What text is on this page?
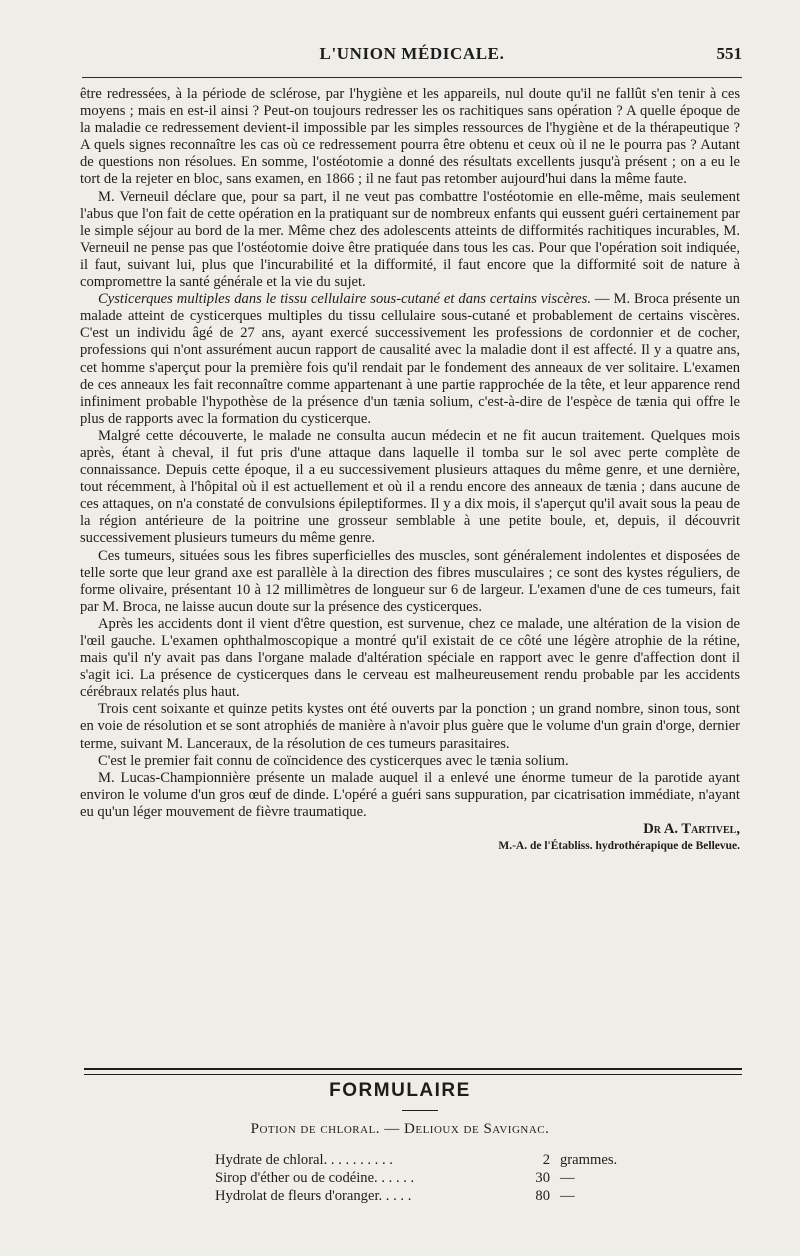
L'UNION MÉDICALE.	551

être redressées, à la période de sclérose, par l'hygiène et les appareils, nul doute qu'il ne fallût s'en tenir à ces moyens ; mais en est-il ainsi ? Peut-on toujours redresser les os rachitiques sans opération ? A quelle époque de la maladie ce redressement devient-il impossible par les simples ressources de l'hygiène et de la thérapeutique ? A quels signes reconnaître les cas où ce redressement pourra être obtenu et ceux où il ne le pourra pas ? Autant de questions non résolues. En somme, l'ostéotomie a donné des résultats excellents jusqu'à présent ; on a eu le tort de la rejeter en bloc, sans examen, en 1866 ; il ne faut pas retomber aujourd'hui dans la même faute.

M. Verneuil déclare que, pour sa part, il ne veut pas combattre l'ostéotomie en elle-même, mais seulement l'abus que l'on fait de cette opération en la pratiquant sur de nombreux enfants qui eussent guéri certainement par le simple séjour au bord de la mer. Même chez des adolescents atteints de difformités rachitiques incurables, M. Verneuil ne pense pas que l'ostéotomie doive être pratiquée dans tous les cas. Pour que l'opération soit indiquée, il faut, suivant lui, plus que l'incurabilité et la difformité, il faut encore que la difformité soit de nature à compromettre la santé générale et la vie du sujet.

Cysticerques multiples dans le tissu cellulaire sous-cutané et dans certains viscères. — M. Broca présente un malade atteint de cysticerques multiples du tissu cellulaire sous-cutané et probablement de certains viscères. C'est un individu âgé de 27 ans, ayant exercé successivement les professions de cordonnier et de cocher, professions qui n'ont assurément aucun rapport de causalité avec la maladie dont il est affecté. Il y a quatre ans, cet homme s'aperçut pour la première fois qu'il rendait par le fondement des anneaux de ver solitaire. L'examen de ces anneaux les fait reconnaître comme appartenant à une partie rapprochée de la tête, et leur apparence rend infiniment probable l'hypothèse de la présence d'un tænia solium, c'est-à-dire de l'espèce de tænia qui offre le plus de rapports avec la formation du cysticerque.

Malgré cette découverte, le malade ne consulta aucun médecin et ne fit aucun traitement. Quelques mois après, étant à cheval, il fut pris d'une attaque dans laquelle il tomba sur le sol avec perte complète de connaissance. Depuis cette époque, il a eu successivement plusieurs attaques du même genre, et une dernière, tout récemment, à l'hôpital où il est actuellement et où il a rendu encore des anneaux de tænia ; dans aucune de ces attaques, on n'a constaté de convulsions épileptiformes. Il y a dix mois, il s'aperçut qu'il avait sous la peau de la région antérieure de la poitrine une grosseur semblable à une petite boule, et, depuis, il découvrit successivement plusieurs tumeurs du même genre.

Ces tumeurs, situées sous les fibres superficielles des muscles, sont généralement indolentes et disposées de telle sorte que leur grand axe est parallèle à la direction des fibres musculaires ; ce sont des kystes réguliers, de forme olivaire, présentant 10 à 12 millimètres de longueur sur 6 de largeur. L'examen d'une de ces tumeurs, fait par M. Broca, ne laisse aucun doute sur la présence des cysticerques.

Après les accidents dont il vient d'être question, est survenue, chez ce malade, une altération de la vision de l'œil gauche. L'examen ophthalmoscopique a montré qu'il existait de ce côté une légère atrophie de la rétine, mais qu'il n'y avait pas dans l'organe malade d'altération spéciale en rapport avec le genre d'affection dont il s'agit ici. La présence de cysticerques dans le cerveau est malheureusement rendu probable par les accidents cérébraux relatés plus haut.

Trois cent soixante et quinze petits kystes ont été ouverts par la ponction ; un grand nombre, sinon tous, sont en voie de résolution et se sont atrophiés de manière à n'avoir plus guère que le volume d'un grain d'orge, dernier terme, suivant M. Lanceraux, de la résolution de ces tumeurs parasitaires.

C'est le premier fait connu de coïncidence des cysticerques avec le tænia solium.

M. Lucas-Championnière présente un malade auquel il a enlevé une énorme tumeur de la parotide ayant environ le volume d'un gros œuf de dinde. L'opéré a guéri sans suppuration, par cicatrisation immédiate, n'ayant eu qu'un léger mouvement de fièvre traumatique.

Dr A. Tartivel,
M.-A. de l'Établiss. hydrothérapique de Bellevue.
FORMULAIRE
Potion de chloral. — Delioux de Savignac.
Hydrate de chloral. . . . . . . . . .	2 grammes.
Sirop d'éther ou de codéine. . . . . .	30 —
Hydrolat de fleurs d'oranger. . . . .	80 —
